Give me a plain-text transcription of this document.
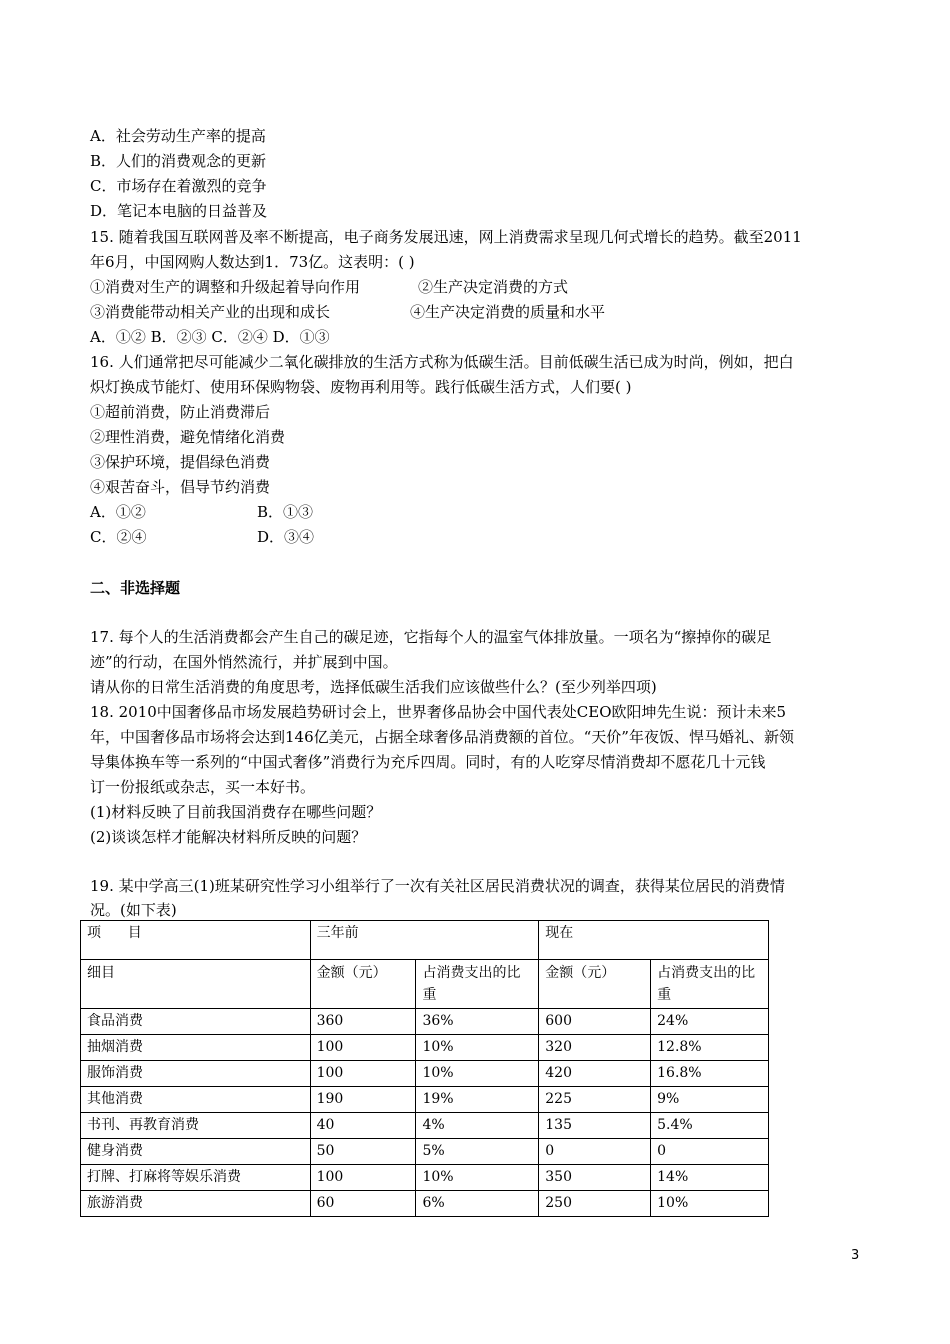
A．社会劳动生产率的提高
B．人们的消费观念的更新
C．市场存在着激烈的竞争
D．笔记本电脑的日益普及
15. 随着我国互联网普及率不断提高，电子商务发展迅速，网上消费需求呈现几何式增长的趋势。截至2011
年6月，中国网购人数达到1．73亿。这表明：( )
①消费对生产的调整和升级起着导向作用	②生产决定消费的方式
③消费能带动相关产业的出现和成长	④生产决定消费的质量和水平
A．①② B．②③ C．②④ D．①③
16. 人们通常把尽可能减少二氧化碳排放的生活方式称为低碳生活。目前低碳生活已成为时尚，例如，把白
炽灯换成节能灯、使用环保购物袋、废物再利用等。践行低碳生活方式，人们要( )
①超前消费，防止消费滞后
②理性消费，避免情绪化消费
③保护环境，提倡绿色消费
④艰苦奋斗，倡导节约消费
A．①②	B．①③
C．②④	D．③④
二、非选择题
17. 每个人的生活消费都会产生自己的碳足迹，它指每个人的温室气体排放量。一项名为“擦掉你的碳足
迹”的行动，在国外悄然流行，并扩展到中国。
请从你的日常生活消费的角度思考，选择低碳生活我们应该做些什么？(至少列举四项)
18. 2010中国奢侈品市场发展趋势研讨会上，世界奢侈品协会中国代表处CEO欧阳坤先生说：预计未来5
年，中国奢侈品市场将会达到146亿美元，占据全球奢侈品消费额的首位。“天价”年夜饭、悍马婚礼、新领
导集体换车等一系列的“中国式奢侈”消费行为充斥四周。同时，有的人吃穿尽情消费却不愿花几十元钱
订一份报纸或杂志，买一本好书。
(1)材料反映了目前我国消费存在哪些问题？
(2)谈谈怎样才能解决材料所反映的问题？
19. 某中学高三(1)班某研究性学习小组举行了一次有关社区居民消费状况的调查，获得某位居民的消费情
况。(如下表)
项      目	三年前		现在	
细目	金额（元）	占消费支出的比重	金额（元）	占消费支出的比重
食品消费	360	36%	600	24%
抽烟消费	100	10%	320	12.8%
服饰消费	100	10%	420	16.8%
其他消费	190	19%	225	9%
书刊、再教育消费	40	4%	135	5.4%
健身消费	50	5%	0	0
打牌、打麻将等娱乐消费	100	10%	350	14%
旅游消费	60	6%	250	10%
3
